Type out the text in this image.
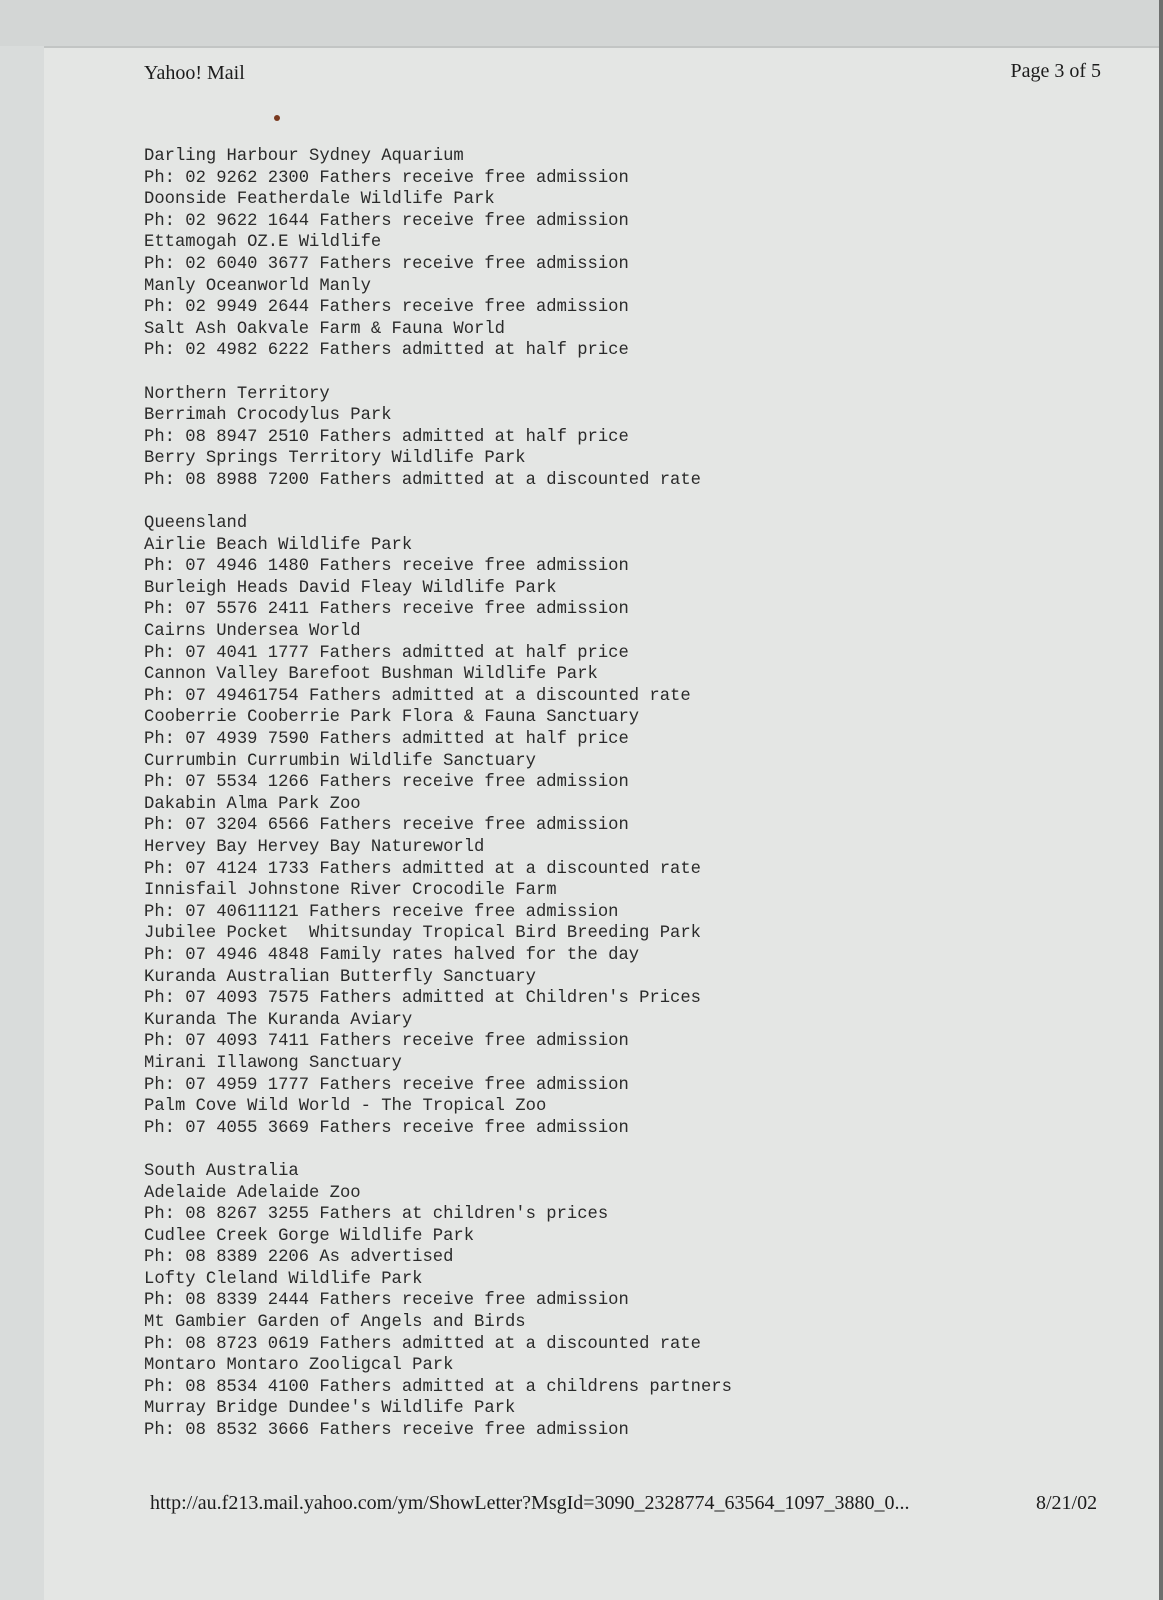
Yahoo! Mail	Page 3 of 5
Darling Harbour Sydney Aquarium
Ph: 02 9262 2300 Fathers receive free admission
Doonside Featherdale Wildlife Park
Ph: 02 9622 1644 Fathers receive free admission
Ettamogah OZ.E Wildlife
Ph: 02 6040 3677 Fathers receive free admission
Manly Oceanworld Manly
Ph: 02 9949 2644 Fathers receive free admission
Salt Ash Oakvale Farm & Fauna World
Ph: 02 4982 6222 Fathers admitted at half price
Northern Territory
Berrimah Crocodylus Park
Ph: 08 8947 2510 Fathers admitted at half price
Berry Springs Territory Wildlife Park
Ph: 08 8988 7200 Fathers admitted at a discounted rate
Queensland
Airlie Beach Wildlife Park
Ph: 07 4946 1480 Fathers receive free admission
Burleigh Heads David Fleay Wildlife Park
Ph: 07 5576 2411 Fathers receive free admission
Cairns Undersea World
Ph: 07 4041 1777 Fathers admitted at half price
Cannon Valley Barefoot Bushman Wildlife Park
Ph: 07 49461754 Fathers admitted at a discounted rate
Cooberrie Cooberrie Park Flora & Fauna Sanctuary
Ph: 07 4939 7590 Fathers admitted at half price
Currumbin Currumbin Wildlife Sanctuary
Ph: 07 5534 1266 Fathers receive free admission
Dakabin Alma Park Zoo
Ph: 07 3204 6566 Fathers receive free admission
Hervey Bay Hervey Bay Natureworld
Ph: 07 4124 1733 Fathers admitted at a discounted rate
Innisfail Johnstone River Crocodile Farm
Ph: 07 40611121 Fathers receive free admission
Jubilee Pocket  Whitsunday Tropical Bird Breeding Park
Ph: 07 4946 4848 Family rates halved for the day
Kuranda Australian Butterfly Sanctuary
Ph: 07 4093 7575 Fathers admitted at Children's Prices
Kuranda The Kuranda Aviary
Ph: 07 4093 7411 Fathers receive free admission
Mirani Illawong Sanctuary
Ph: 07 4959 1777 Fathers receive free admission
Palm Cove Wild World - The Tropical Zoo
Ph: 07 4055 3669 Fathers receive free admission
South Australia
Adelaide Adelaide Zoo
Ph: 08 8267 3255 Fathers at children's prices
Cudlee Creek Gorge Wildlife Park
Ph: 08 8389 2206 As advertised
Lofty Cleland Wildlife Park
Ph: 08 8339 2444 Fathers receive free admission
Mt Gambier Garden of Angels and Birds
Ph: 08 8723 0619 Fathers admitted at a discounted rate
Montaro Montaro Zooligcal Park
Ph: 08 8534 4100 Fathers admitted at a childrens partners
Murray Bridge Dundee's Wildlife Park
Ph: 08 8532 3666 Fathers receive free admission
http://au.f213.mail.yahoo.com/ym/ShowLetter?MsgId=3090_2328774_63564_1097_3880_0...	8/21/02
